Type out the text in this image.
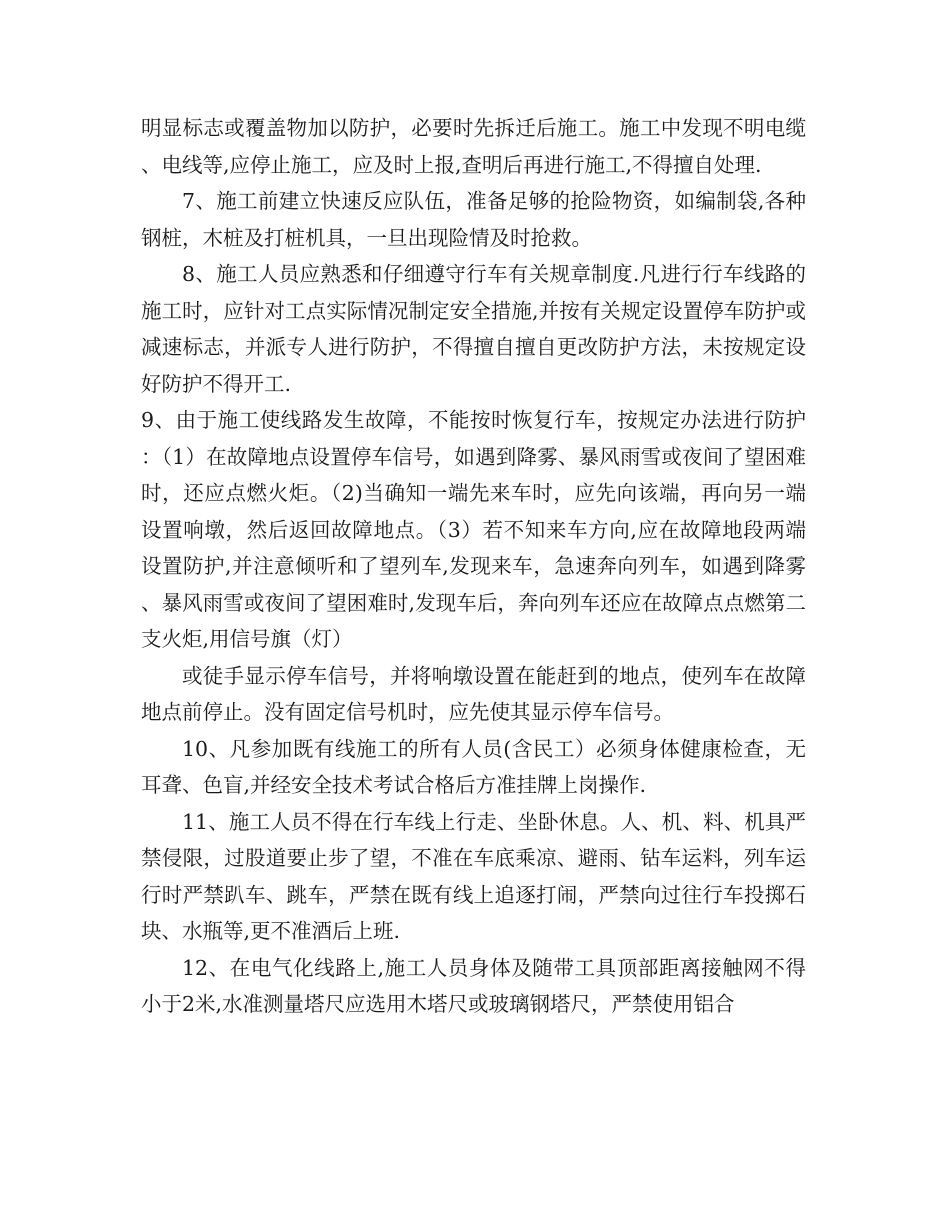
明显标志或覆盖物加以防护，必要时先拆迁后施工。施工中发现不明电缆、电线等,应停止施工，应及时上报,查明后再进行施工,不得擅自处理.

7、施工前建立快速反应队伍，准备足够的抢险物资，如编制袋,各种钢桩，木桩及打桩机具，一旦出现险情及时抢救。

8、施工人员应熟悉和仔细遵守行车有关规章制度.凡进行行车线路的施工时，应针对工点实际情况制定安全措施,并按有关规定设置停车防护或减速标志，并派专人进行防护，不得擅自擅自更改防护方法，未按规定设好防护不得开工.

9、由于施工使线路发生故障，不能按时恢复行车，按规定办法进行防护：（1）在故障地点设置停车信号，如遇到降雾、暴风雨雪或夜间了望困难时，还应点燃火炬。（2)当确知一端先来车时，应先向该端，再向另一端设置响墩，然后返回故障地点。（3）若不知来车方向,应在故障地段两端设置防护,并注意倾听和了望列车,发现来车，急速奔向列车，如遇到降雾、暴风雨雪或夜间了望困难时,发现车后，奔向列车还应在故障点点燃第二支火炬,用信号旗（灯）

或徒手显示停车信号，并将响墩设置在能赶到的地点，使列车在故障地点前停止。没有固定信号机时，应先使其显示停车信号。

10、凡参加既有线施工的所有人员(含民工）必须身体健康检查，无耳聋、色盲,并经安全技术考试合格后方准挂牌上岗操作.

11、施工人员不得在行车线上行走、坐卧休息。人、机、料、机具严禁侵限，过股道要止步了望，不准在车底乘凉、避雨、钻车运料，列车运行时严禁趴车、跳车，严禁在既有线上追逐打闹，严禁向过往行车投掷石块、水瓶等,更不准酒后上班.

12、在电气化线路上,施工人员身体及随带工具顶部距离接触网不得小于2米,水准测量塔尺应选用木塔尺或玻璃钢塔尺，严禁使用铝合
